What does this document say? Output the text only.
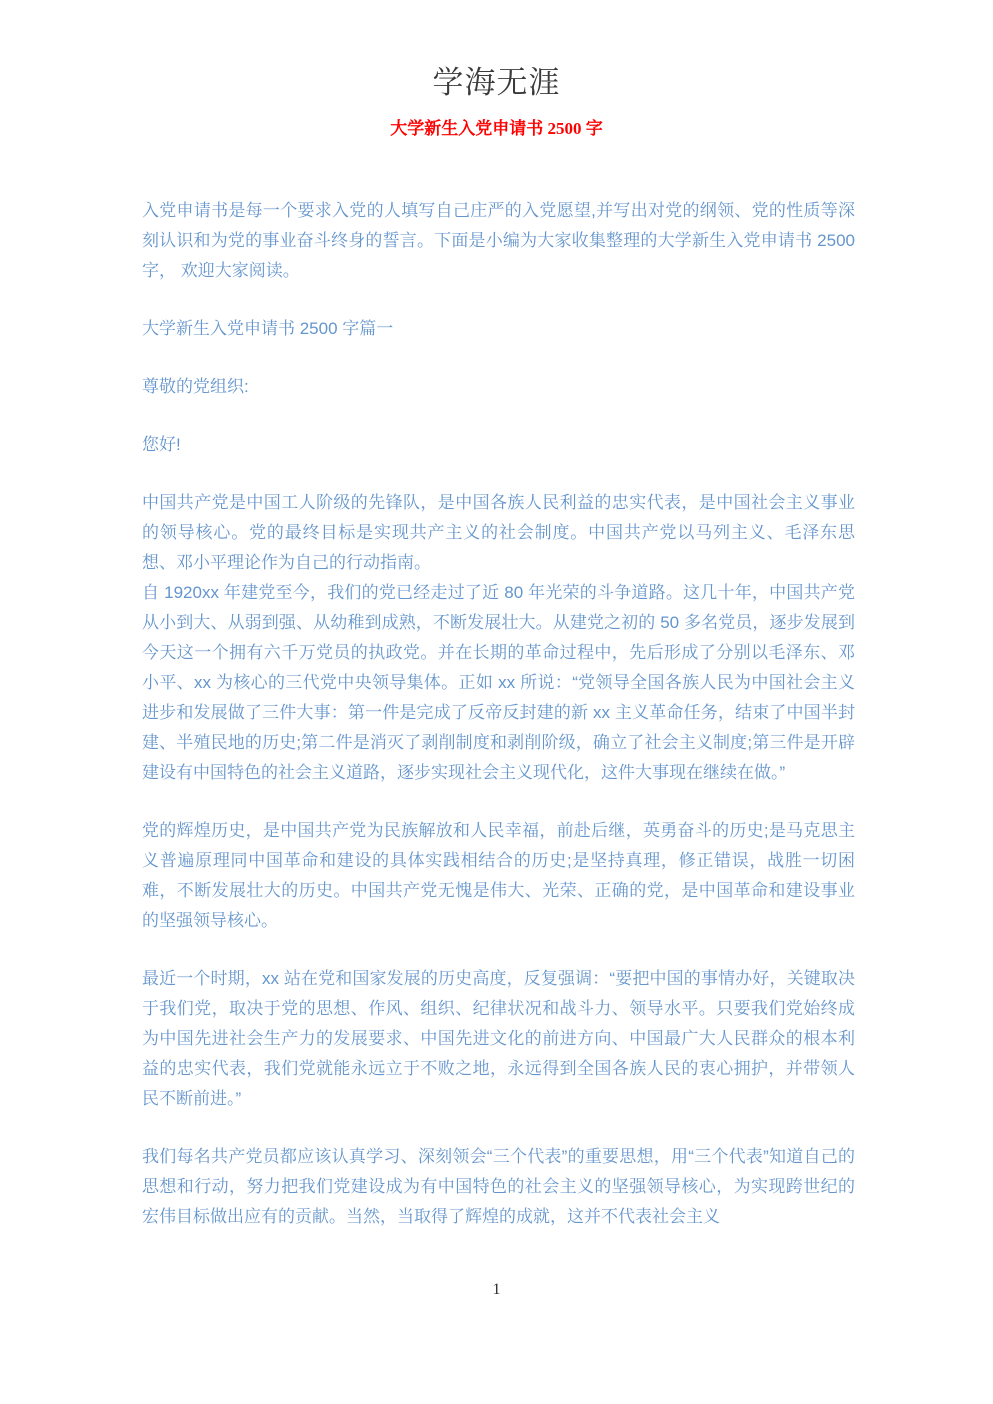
学海无涯
大学新生入党申请书 2500 字

入党申请书是每一个要求入党的人填写自己庄严的入党愿望,并写出对党的纲领、党的性质等深刻认识和为党的事业奋斗终身的誓言。下面是小编为大家收集整理的大学新生入党申请书 2500 字， 欢迎大家阅读。

大学新生入党申请书 2500 字篇一

尊敬的党组织:

您好!

中国共产党是中国工人阶级的先锋队，是中国各族人民利益的忠实代表，是中国社会主义事业的领导核心。党的最终目标是实现共产主义的社会制度。中国共产党以马列主义、毛泽东思想、邓小平理论作为自己的行动指南。

自 1920xx 年建党至今，我们的党已经走过了近 80 年光荣的斗争道路。这几十年，中国共产党从小到大、从弱到强、从幼稚到成熟，不断发展壮大。从建党之初的 50 多名党员，逐步发展到今天这一个拥有六千万党员的执政党。并在长期的革命过程中，先后形成了分别以毛泽东、邓小平、xx 为核心的三代党中央领导集体。正如 xx 所说：“党领导全国各族人民为中国社会主义进步和发展做了三件大事：第一件是完成了反帝反封建的新 xx 主义革命任务，结束了中国半封建、半殖民地的历史;第二件是消灭了剥削制度和剥削阶级，确立了社会主义制度;第三件是开辟建设有中国特色的社会主义道路，逐步实现社会主义现代化，这件大事现在继续在做。”

党的辉煌历史，是中国共产党为民族解放和人民幸福，前赴后继，英勇奋斗的历史;是马克思主义普遍原理同中国革命和建设的具体实践相结合的历史;是坚持真理，修正错误，战胜一切困难，不断发展壮大的历史。中国共产党无愧是伟大、光荣、正确的党，是中国革命和建设事业的坚强领导核心。

最近一个时期，xx 站在党和国家发展的历史高度，反复强调：“要把中国的事情办好，关键取决于我们党，取决于党的思想、作风、组织、纪律状况和战斗力、领导水平。只要我们党始终成为中国先进社会生产力的发展要求、中国先进文化的前进方向、中国最广大人民群众的根本利益的忠实代表，我们党就能永远立于不败之地，永远得到全国各族人民的衷心拥护，并带领人民不断前进。”

我们每名共产党员都应该认真学习、深刻领会“三个代表”的重要思想，用“三个代表”知道自己的思想和行动，努力把我们党建设成为有中国特色的社会主义的坚强领导核心，为实现跨世纪的宏伟目标做出应有的贡献。当然，当取得了辉煌的成就，这并不代表社会主义

1
